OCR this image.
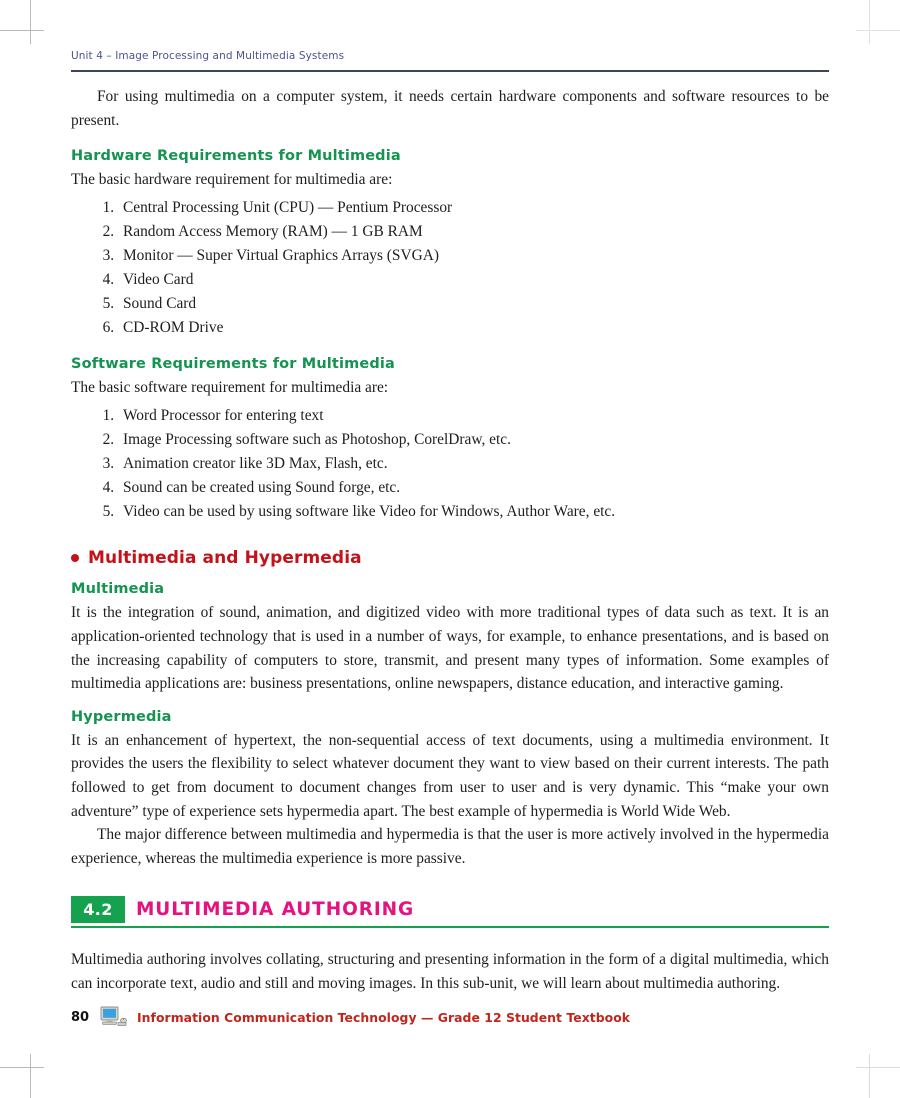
Unit 4 – Image Processing and Multimedia Systems

For using multimedia on a computer system, it needs certain hardware components and software resources to be present.

Hardware Requirements for Multimedia

The basic hardware requirement for multimedia are:

1. Central Processing Unit (CPU) — Pentium Processor
2. Random Access Memory (RAM) — 1 GB RAM
3. Monitor — Super Virtual Graphics Arrays (SVGA)
4. Video Card
5. Sound Card
6. CD-ROM Drive
Software Requirements for Multimedia

The basic software requirement for multimedia are:

1. Word Processor for entering text
2. Image Processing software such as Photoshop, CorelDraw, etc.
3. Animation creator like 3D Max, Flash, etc.
4. Sound can be created using Sound forge, etc.
5. Video can be used by using software like Video for Windows, Author Ware, etc.
Multimedia and Hypermedia
Multimedia

It is the integration of sound, animation, and digitized video with more traditional types of data such as text. It is an application-oriented technology that is used in a number of ways, for example, to enhance presentations, and is based on the increasing capability of computers to store, transmit, and present many types of information. Some examples of multimedia applications are: business presentations, online newspapers, distance education, and interactive gaming.

Hypermedia

It is an enhancement of hypertext, the non-sequential access of text documents, using a multimedia environment. It provides the users the flexibility to select whatever document they want to view based on their current interests. The path followed to get from document to document changes from user to user and is very dynamic. This “make your own adventure” type of experience sets hypermedia apart. The best example of hypermedia is World Wide Web.

The major difference between multimedia and hypermedia is that the user is more actively involved in the hypermedia experience, whereas the multimedia experience is more passive.

4.2	MULTIMEDIA AUTHORING

Multimedia authoring involves collating, structuring and presenting information in the form of a digital multimedia, which can incorporate text, audio and still and moving images. In this sub-unit, we will learn about multimedia authoring.

80	Information Communication Technology — Grade 12 Student Textbook
